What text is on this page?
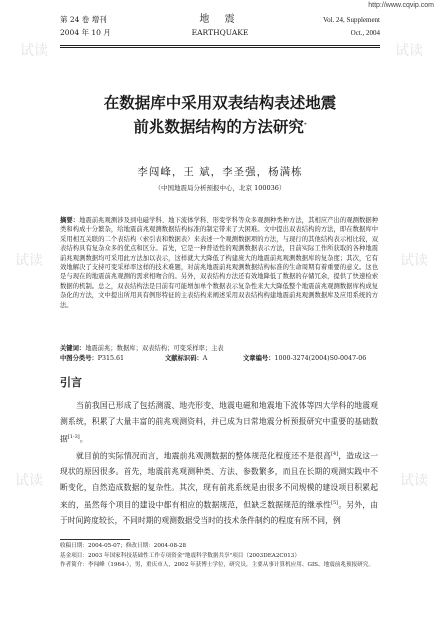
http://www.cqvip.com
第 24 卷 增刊
2004 年 10 月
地 震
EARTHQUAKE
Vol. 24, Supplement
Oct., 2004
在数据库中采用双表结构表述地震
前兆数据结构的方法研究*
李闯峰，王 斌，李圣强，杨满栋
（中国地震局分析预报中心，北京 100036）
摘要：地震前兆观测涉及到电磁学科、地下流体学科、形变学科等众多观测种类种方法，其相应产出的观测数据种类和构成十分繁杂，给地震前兆观测数据结构标准的制定带来了大困难。文中提出双表结构的方法，即在数据库中采用相互关联的二个表结构（索引表和数据表）来表述一个观测数据项的方法，与现行的其他结构表示相比较，双表结构具有复杂众多的优点和区分。首先，它是一种普适性的观测数据表示方法，目前实际工作所获取的各种地震前兆观测数据均可采用此方法加以表示，这样就大大降低了构建庞大的地震前兆观测数据库的复杂度；其次，它有效地解决了支持可变采样率这样的技术难题，对前兆地震前兆观测数据结构标准的生命周期有着重要的意义。这也是与现在的地震前兆观测的需求相吻合的。另外，双表结构方法还有效地降低了数据的存储冗余，提供了快速检索数据的机制。总之，双表结构法是目前有可能增加单个数据表示复杂性来大大降低整个地震前兆观测数据库构成复杂化的方法，文中提出所用具有例形特征的主表结构来阐述采用双表结构构建地震前兆观测数据库及应用系统的方法。
关键词：地震前兆；数据库；双表结构；可变采样率；主表
中图分类号：P315.61	文献标识码：A	文章编号：1000-3274(2004)S0-0047-06
引言

当前我国已形成了包括测震、地壳形变、地震电磁和地震地下流体等四大学科的地震观测系统，积累了大量丰富的前兆观测资料，并已成为日常地震分析预报研究中重要的基础数据[1-3]。

就目前的实际情况而言，地震前兆观测数据的整体规范化程度还不是很高[4]，造成这一现状的原因很多。首先，地震前兆观测种类、方法、参数繁多，而且在长期的观测实践中不断变化，自然造成数据的复杂性。其次，现有前兆系统是由很多不同规模的建设项目积累起来的，虽然每个项目的建设中都有相应的数据规范，但缺乏数据规范的继承性[5]。另外，由于时间跨度较长，不同时期的观测数据受当时的技术条件制约的程度有所不同，例

收稿日期：2004-05-07；修改日期：2004-08-28
基金项目：2003 年国家科技基础性工作专项资金"地震科学数据共享"项目（2003DEA2C013）
作者简介：李闯峰（1964-），男，重庆市人，2002 年获博士学位，研究员，主要从事计算机应用、GIS、地震前兆预报研究。
试读	试读
试读	试读
试读	试读
